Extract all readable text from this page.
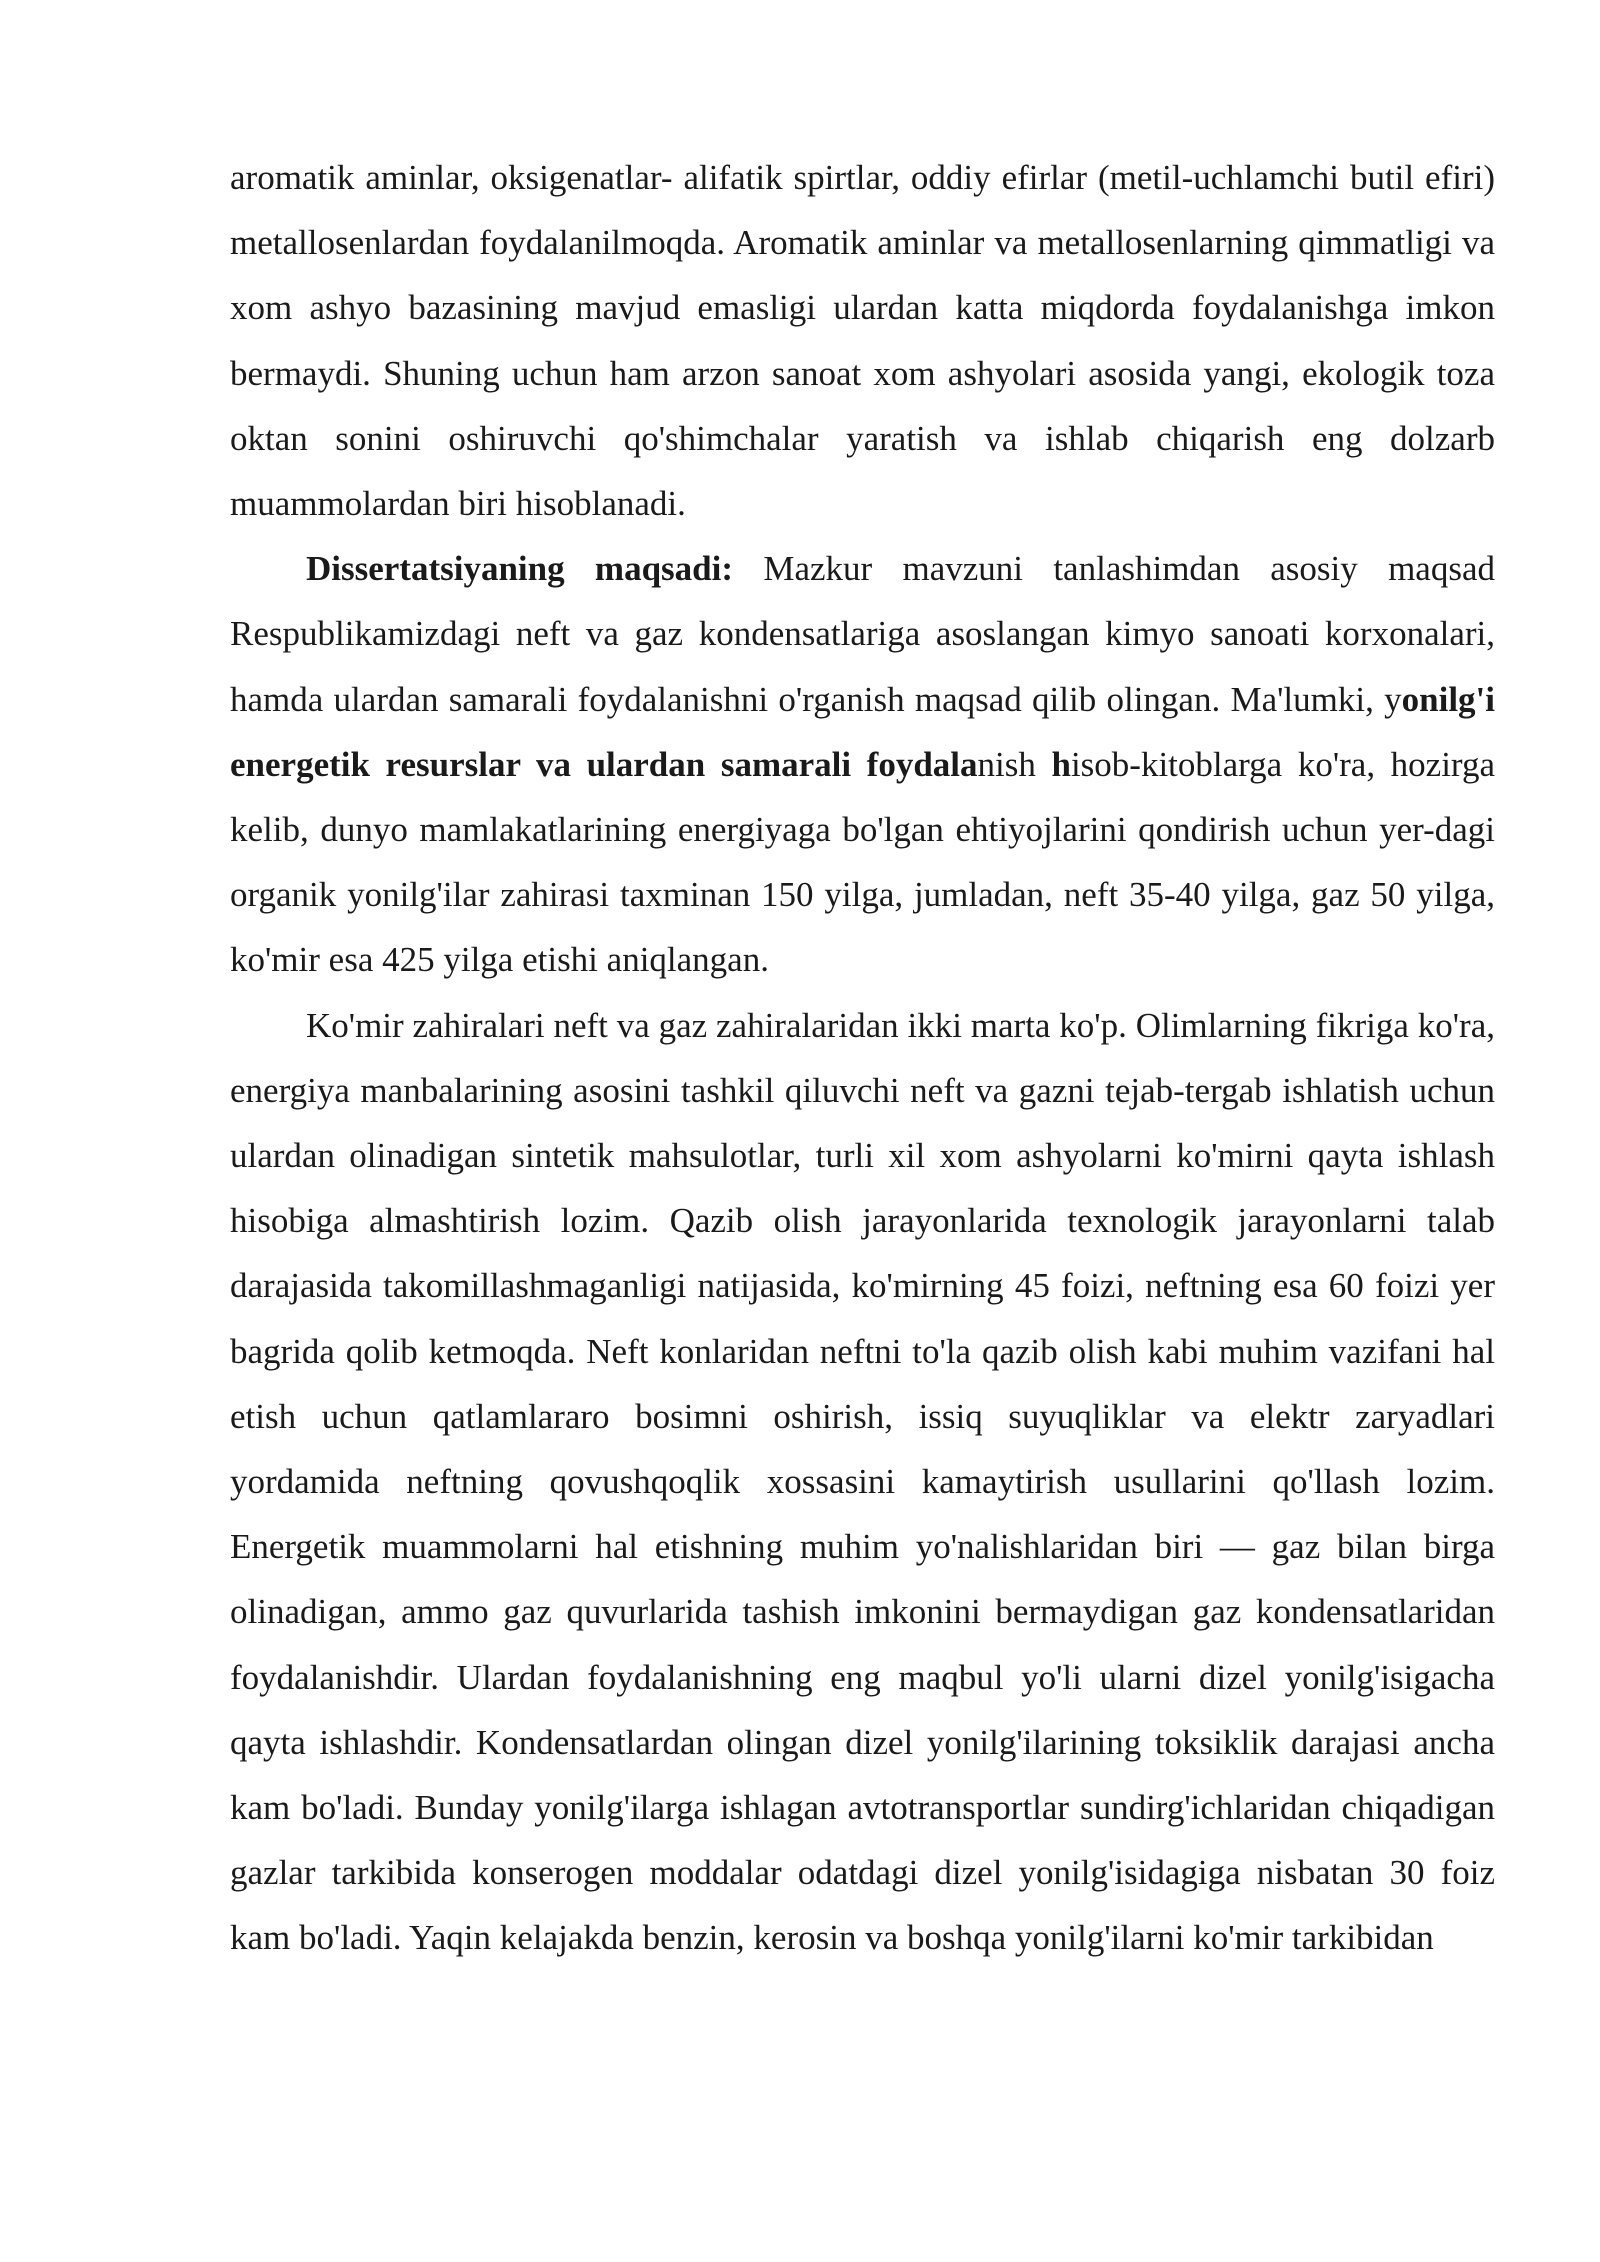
aromatik aminlar, oksigenatlar- alifatik spirtlar, oddiy efirlar (metil-uchlamchi butil efiri) metallosenlardan foydalanilmoqda. Aromatik aminlar va metallosenlarning qimmatligi va xom ashyo bazasining mavjud emasligi ulardan katta miqdorda foydalanishga imkon bermaydi. Shuning uchun ham arzon sanoat xom ashyolari asosida yangi, ekologik toza oktan sonini oshiruvchi qo'shimchalar yaratish va ishlab chiqarish eng dolzarb muammolardan biri hisoblanadi.

Dissertatsiyaning maqsadi: Mazkur mavzuni tanlashimdan asosiy maqsad Respublikamizdagi neft va gaz kondensatlariga asoslangan kimyo sanoati korxonalari, hamda ulardan samarali foydalanishni o'rganish maqsad qilib olingan. Ma'lumki, yonilg'i energetik resurslar va ulardan samarali foydalanish hisob-kitoblarga ko'ra, hozirga kelib, dunyo mamlakatlarining energiyaga bo'lgan ehtiyojlarini qondirish uchun yer-dagi organik yonilg'ilar zahirasi taxminan 150 yilga, jumladan, neft 35-40 yilga, gaz 50 yilga, ko'mir esa 425 yilga etishi aniqlangan.

Ko'mir zahiralari neft va gaz zahiralaridan ikki marta ko'p. Olimlarning fikriga ko'ra, energiya manbalarining asosini tashkil qiluvchi neft va gazni tejab-tergab ishlatish uchun ulardan olinadigan sintetik mahsulotlar, turli xil xom ashyolarni ko'mirni qayta ishlash hisobiga almashtirish lozim. Qazib olish jarayonlarida texnologik jarayonlarni talab darajasida takomillashmaganligi natijasida, ko'mirning 45 foizi, neftning esa 60 foizi yer bagrida qolib ketmoqda. Neft konlaridan neftni to'la qazib olish kabi muhim vazifani hal etish uchun qatlamlararo bosimni oshirish, issiq suyuqliklar va elektr zaryadlari yordamida neftning qovushqoqlik xossasini kamaytirish usullarini qo'llash lozim. Energetik muammolarni hal etishning muhim yo'nalishlaridan biri — gaz bilan birga olinadigan, ammo gaz quvurlarida tashish imkonini bermaydigan gaz kondensatlaridan foydalanishdir. Ulardan foydalanishning eng maqbul yo'li ularni dizel yonilg'isigacha qayta ishlashdir. Kondensatlardan olingan dizel yonilg'ilarining toksiklik darajasi ancha kam bo'ladi. Bunday yonilg'ilarga ishlagan avtotransportlar sundirg'ichlaridan chiqadigan gazlar tarkibida konserogen moddalar odatdagi dizel yonilg'isidagiga nisbatan 30 foiz kam bo'ladi. Yaqin kelajakda benzin, kerosin va boshqa yonilg'ilarni ko'mir tarkibidan
